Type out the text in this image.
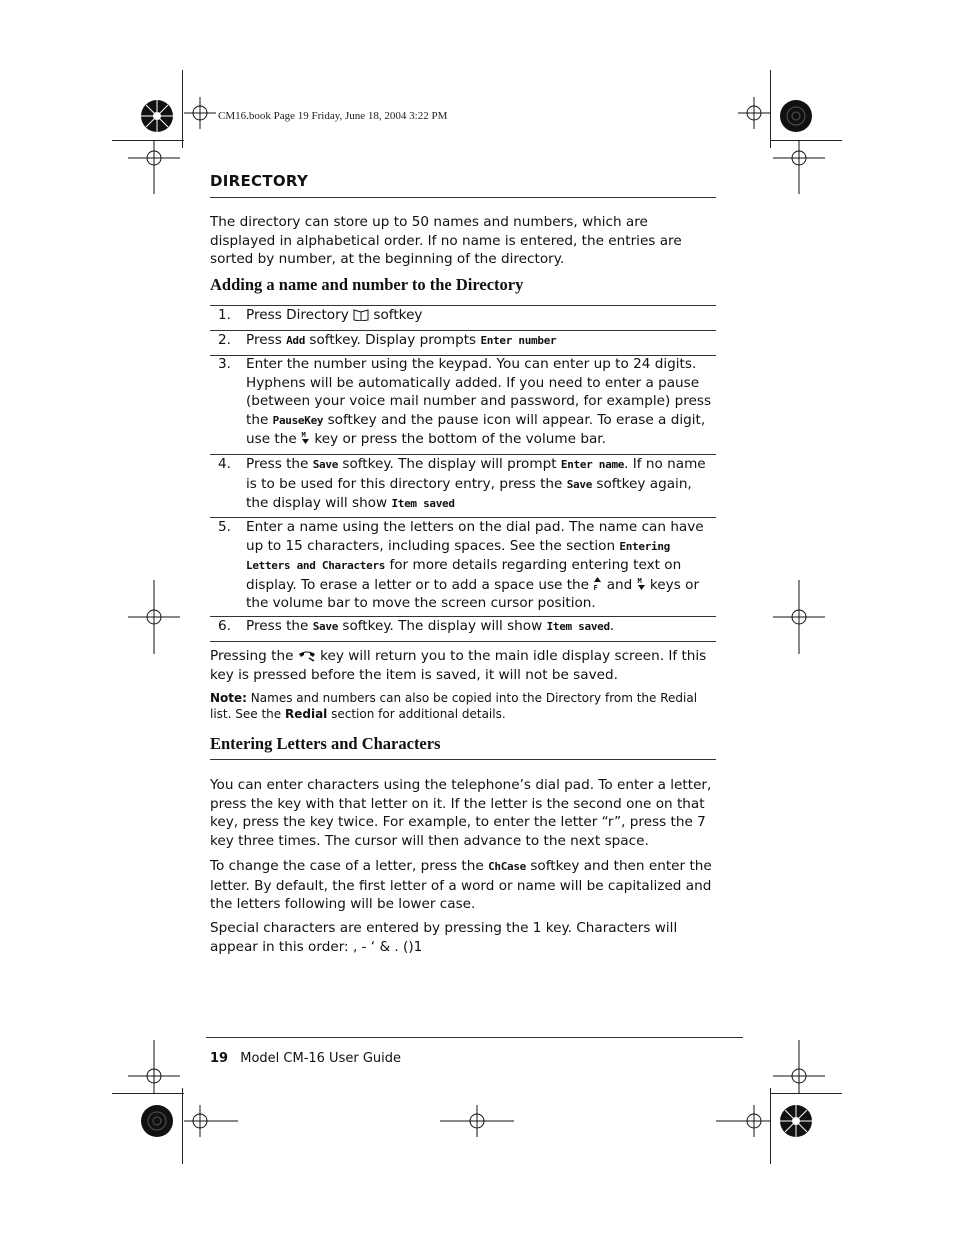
CM16.book Page 19 Friday, June 18, 2004 3:22 PM
DIRECTORY

The directory can store up to 50 names and numbers, which are displayed in alphabetical order. If no name is entered, the entries are sorted by number, at the beginning of the directory.

Adding a name and number to the Directory
1. Press Directory softkey
2. Press Add softkey. Display prompts Enter number
3. Enter the number using the keypad. You can enter up to 24 digits. Hyphens will be automatically added. If you need to enter a pause (between your voice mail number and password, for example) press the PauseKey softkey and the pause icon will appear. To erase a digit, use the M key or press the bottom of the volume bar.
4. Press the Save softkey. The display will prompt Enter name. If no name is to be used for this directory entry, press the Save softkey again, the display will show Item saved
5. Enter a name using the letters on the dial pad. The name can have up to 15 characters, including spaces. See the section Entering Letters and Characters for more details regarding entering text on display. To erase a letter or to add a space use the F and M keys or the volume bar to move the screen cursor position.
6. Press the Save softkey. The display will show Item saved.

Pressing the key will return you to the main idle display screen. If this key is pressed before the item is saved, it will not be saved.

Note: Names and numbers can also be copied into the Directory from the Redial list. See the Redial section for additional details.
Entering Letters and Characters

You can enter characters using the telephone’s dial pad. To enter a letter, press the key with that letter on it. If the letter is the second one on that key, press the key twice. For example, to enter the letter “r”, press the 7 key three times. The cursor will then advance to the next space.

To change the case of a letter, press the ChCase softkey and then enter the letter. By default, the first letter of a word or name will be capitalized and the letters following will be lower case.

Special characters are entered by pressing the 1 key. Characters will appear in this order: , - ‘ & . ()1

19 Model CM-16 User Guide
